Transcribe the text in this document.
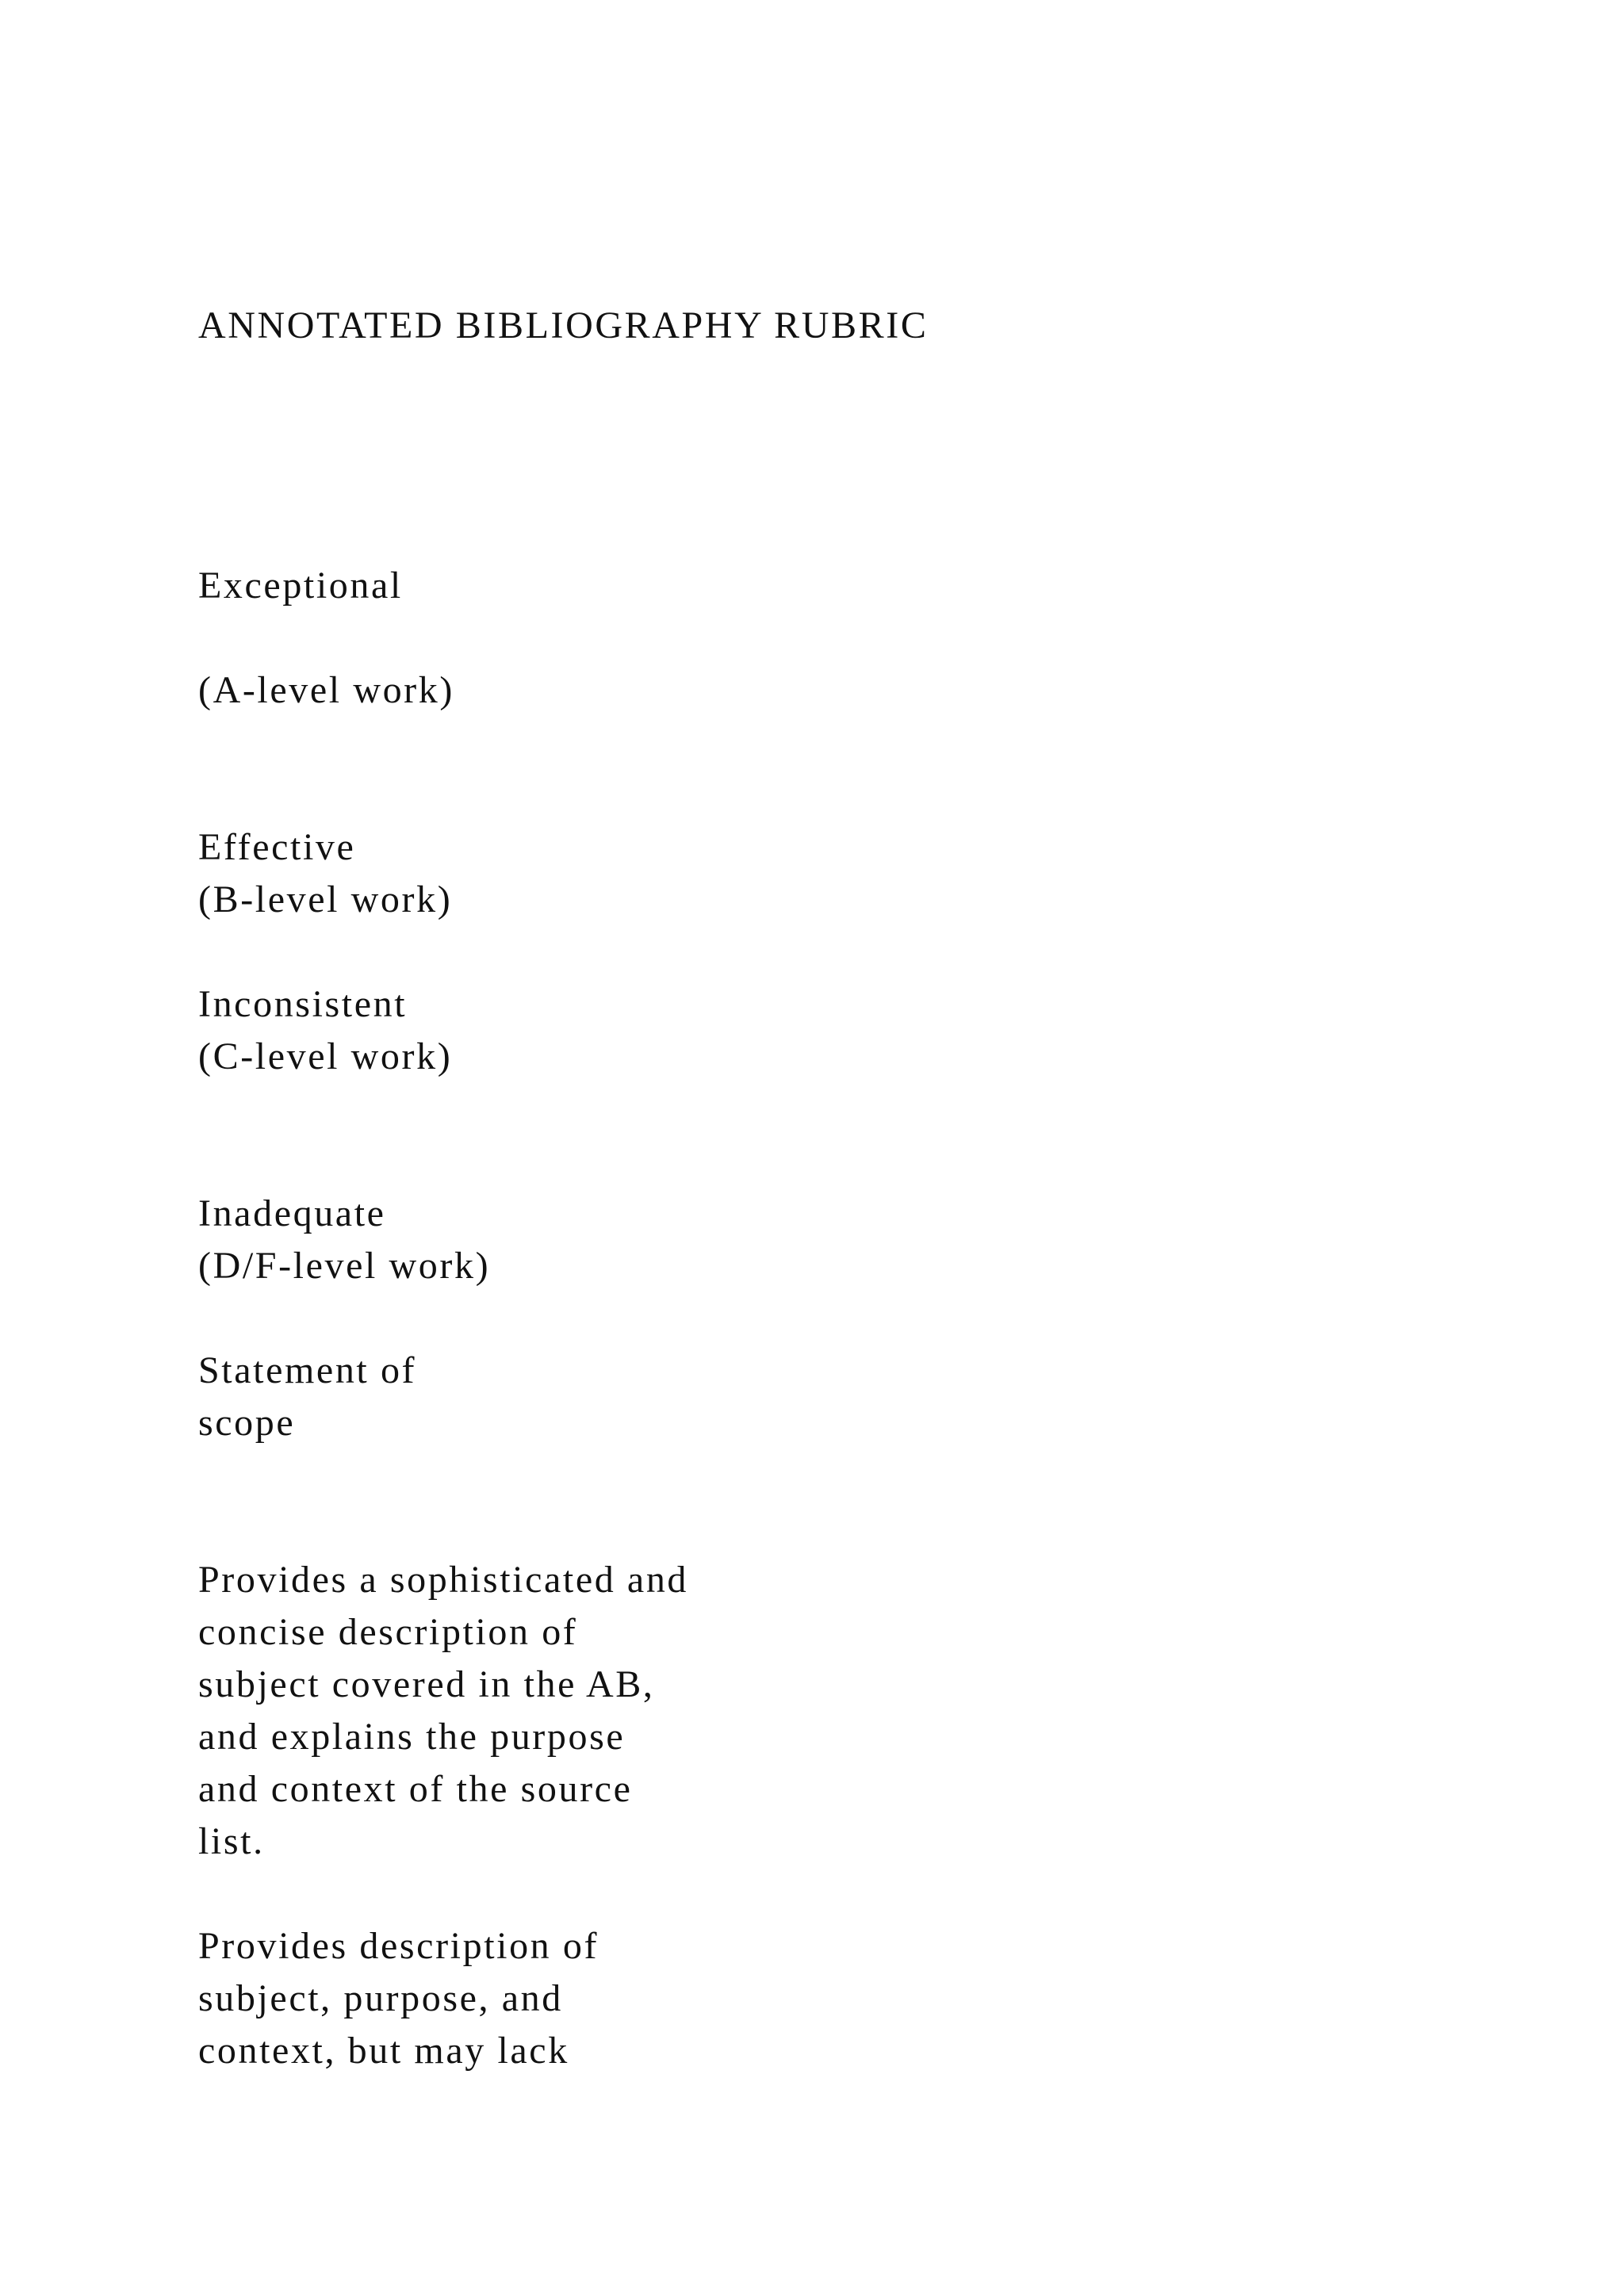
ANNOTATED BIBLIOGRAPHY RUBRIC

Exceptional

(A-level work)

Effective

(B-level work)

Inconsistent

(C-level work)

Inadequate

(D/F-level work)

Statement of

scope

Provides a sophisticated and

concise description of

subject covered in the AB,

and explains the purpose

and context of the source

list.

Provides description of

subject, purpose, and

context, but may lack
